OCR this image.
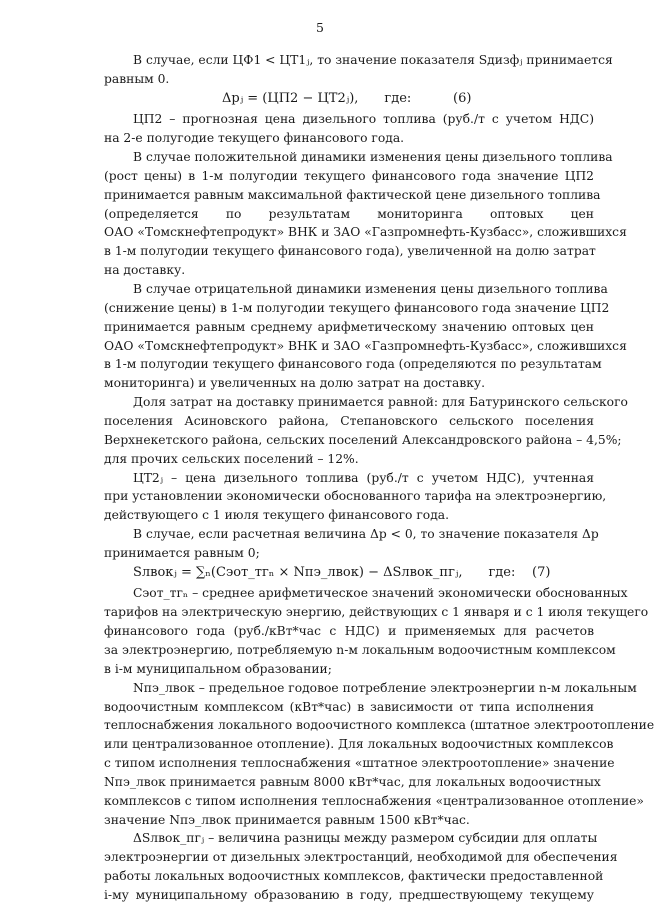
5
В случае, если ЦФ1 < ЦТ1ⱼ, то значение показателя Sдизфⱼ принимается
равным 0.
Δpⱼ = (ЦП2 − ЦТ2ⱼ), где:	(6)
ЦП2 – прогнозная цена дизельного топлива (руб./т с учетом НДС)
на 2-е полугодие текущего финансового года.
В случае положительной динамики изменения цены дизельного топлива
(рост цены) в 1-м полугодии текущего финансового года значение ЦП2
принимается равным максимальной фактической цене дизельного топлива
(определяется по результатам мониторинга оптовых цен
ОАО «Томскнефтепродукт» ВНК и ЗАО «Газпромнефть-Кузбасс», сложившихся
в 1-м полугодии текущего финансового года), увеличенной на долю затрат
на доставку.
В случае отрицательной динамики изменения цены дизельного топлива
(снижение цены) в 1-м полугодии текущего финансового года значение ЦП2
принимается равным среднему арифметическому значению оптовых цен
ОАО «Томскнефтепродукт» ВНК и ЗАО «Газпромнефть-Кузбасс», сложившихся
в 1-м полугодии текущего финансового года (определяются по результатам
мониторинга) и увеличенных на долю затрат на доставку.
Доля затрат на доставку принимается равной: для Батуринского сельского
поселения Асиновского района, Степановского сельского поселения
Верхнекетского района, сельских поселений Александровского района – 4,5%;
для прочих сельских поселений – 12%.
ЦТ2ⱼ – цена дизельного топлива (руб./т с учетом НДС), учтенная
при установлении экономически обоснованного тарифа на электроэнергию,
действующего с 1 июля текущего финансового года.
В случае, если расчетная величина Δр < 0, то значение показателя Δр
принимается равным 0;
Sлвокⱼ = ∑ₙ(Сэот_тгₙ × Nпэ_лвок) − ΔSлвок_пгⱼ, где: (7)
Сэот_тгₙ – среднее арифметическое значений экономически обоснованных
тарифов на электрическую энергию, действующих с 1 января и с 1 июля текущего
финансового года (руб./кВт*час с НДС) и применяемых для расчетов
за электроэнергию, потребляемую n-м локальным водоочистным комплексом
в i-м муниципальном образовании;
Nпэ_лвок – предельное годовое потребление электроэнергии n-м локальным
водоочистным комплексом (кВт*час) в зависимости от типа исполнения
теплоснабжения локального водоочистного комплекса (штатное электроотопление
или централизованное отопление). Для локальных водоочистных комплексов
с типом исполнения теплоснабжения «штатное электроотопление» значение
Nпэ_лвок принимается равным 8000 кВт*час, для локальных водоочистных
комплексов с типом исполнения теплоснабжения «централизованное отопление»
значение Nпэ_лвок принимается равным 1500 кВт*час.
ΔSлвок_пгⱼ – величина разницы между размером субсидии для оплаты
электроэнергии от дизельных электростанций, необходимой для обеспечения
работы локальных водоочистных комплексов, фактически предоставленной
i-му муниципальному образованию в году, предшествующему текущему
